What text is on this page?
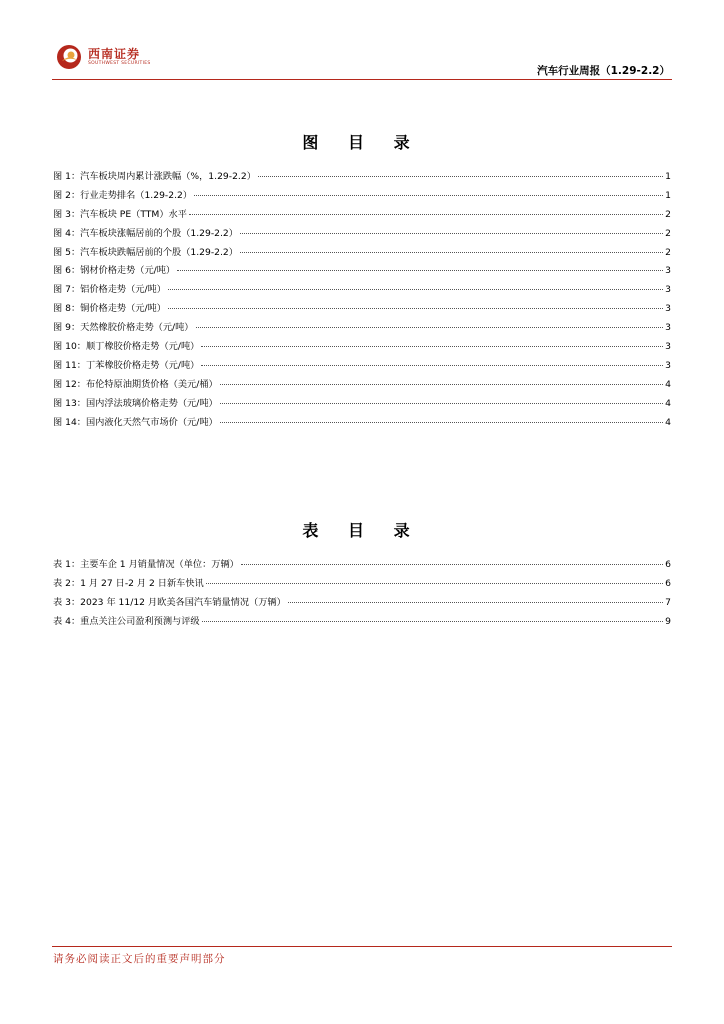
西南证券
SOUTHWEST SECURITIES
汽车行业周报（1.29-2.2）
图 目 录
图 1：汽车板块周内累计涨跌幅（%，1.29-2.2）	1
图 2：行业走势排名（1.29-2.2）	1
图 3：汽车板块 PE（TTM）水平	2
图 4：汽车板块涨幅居前的个股（1.29-2.2）	2
图 5：汽车板块跌幅居前的个股（1.29-2.2）	2
图 6：钢材价格走势（元/吨）	3
图 7：铝价格走势（元/吨）	3
图 8：铜价格走势（元/吨）	3
图 9：天然橡胶价格走势（元/吨）	3
图 10：顺丁橡胶价格走势（元/吨）	3
图 11：丁苯橡胶价格走势（元/吨）	3
图 12：布伦特原油期货价格（美元/桶）	4
图 13：国内浮法玻璃价格走势（元/吨）	4
图 14：国内液化天然气市场价（元/吨）	4
表 目 录
表 1：主要车企 1 月销量情况（单位：万辆）	6
表 2：1 月 27 日-2 月 2 日新车快讯	6
表 3：2023 年 11/12 月欧美各国汽车销量情况（万辆）	7
表 4：重点关注公司盈利预测与评级	9
请务必阅读正文后的重要声明部分
